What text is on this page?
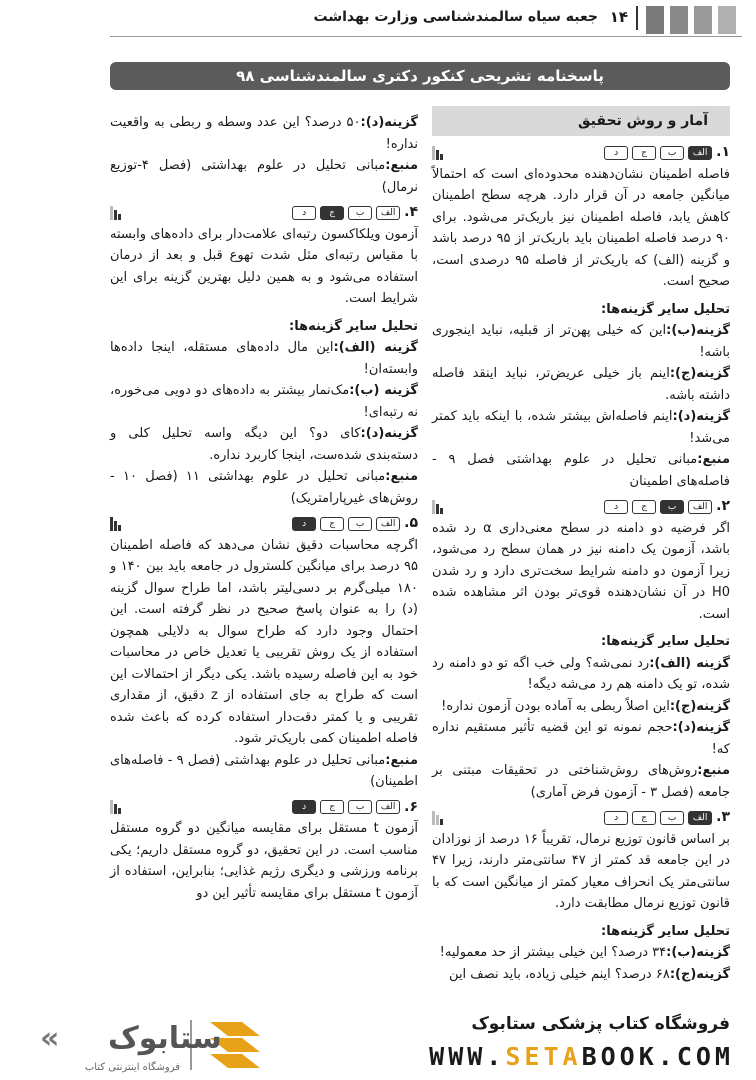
۱۴
جعبه سیاه سالمندشناسی وزارت بهداشت
پاسخنامه تشریحی کنکور دکتری سالمندشناسی ۹۸
آمار و روش تحقیق
۱.
الف
ب
ج
د

فاصله اطمینان نشان‌دهنده محدوده‌ای است که احتمالاً میانگین جامعه در آن قرار دارد. هرچه سطح اطمینان کاهش یابد، فاصله اطمینان نیز باریک‌تر می‌شود. برای ۹۰ درصد فاصله اطمینان باید باریک‌تر از ۹۵ درصد باشد و گزینه (الف) که باریک‌تر از فاصله ۹۵ درصدی است، صحیح است.

تحلیل سایر گزینه‌ها:

گزینه(ب):این که خیلی پهن‌تر از قبلیه، نباید اینجوری باشه!

گزینه(ج):اینم باز خیلی عریض‌تر، نباید اینقد فاصله داشته باشه.

گزینه(د):اینم فاصله‌اش بیشتر شده، با اینکه باید کمتر می‌شد!

منبع:مبانی تحلیل در علوم بهداشتی فصل ۹ - فاصله‌های اطمینان

۲.
الف
ب
ج
د

اگر فرضیه دو دامنه در سطح معنی‌داری α رد شده باشد، آزمون یک دامنه نیز در همان سطح رد می‌شود، زیرا آزمون دو دامنه شرایط سخت‌تری دارد و رد شدن H0 در آن نشان‌دهنده قوی‌تر بودن اثر مشاهده شده است.

تحلیل سایر گزینه‌ها:

گزینه (الف):رد نمی‌شه؟ ولی خب اگه تو دو دامنه رد شده، تو یک دامنه هم رد می‌شه دیگه!

گزینه(ج):این اصلاً ربطی به آماده بودن آزمون نداره!

گزینه(د):حجم نمونه تو این قضیه تأثیر مستقیم نداره که!

منبع:روش‌های روش‌شناختی در تحقیقات مبتنی بر جامعه (فصل ۳ - آزمون فرض آماری)

۳.
الف
ب
ج
د

بر اساس قانون توزیع نرمال، تقریباً ۱۶ درصد از نوزادان در این جامعه قد کمتر از ۴۷ سانتی‌متر دارند، زیرا ۴۷ سانتی‌متر یک انحراف معیار کمتر از میانگین است که با قانون توزیع نرمال مطابقت دارد.

تحلیل سایر گزینه‌ها:

گزینه(ب):۳۴ درصد؟ این خیلی بیشتر از حد معمولیه!

گزینه(ج):۶۸ درصد؟ اینم خیلی زیاده، باید نصف این

گزینه(د):۵۰ درصد؟ این عدد وسطه و ربطی به واقعیت نداره!

منبع:مبانی تحلیل در علوم بهداشتی (فصل ۴-توزیع نرمال)

۴.
الف
ب
ج
د

آزمون ویلکاکسون رتبه‌ای علامت‌دار برای داده‌های وابسته با مقیاس رتبه‌ای مثل شدت تهوع قبل و بعد از درمان استفاده می‌شود و به همین دلیل بهترین گزینه برای این شرایط است.

تحلیل سایر گزینه‌ها:

گزینه (الف):این مال داده‌های مستقله، اینجا داده‌ها وابسته‌ان!

گزینه (ب):مک‌نمار بیشتر به داده‌های دو دویی می‌خوره، نه رتبه‌ای!

گزینه(د):کای دو؟ این دیگه واسه تحلیل کلی و دسته‌بندی شده‌ست، اینجا کاربرد نداره.

منبع:مبانی تحلیل در علوم بهداشتی ۱۱ (فصل ۱۰ - روش‌های غیرپارامتریک)

۵.
الف
ب
ج
د

اگرچه محاسبات دقیق نشان می‌دهد که فاصله اطمینان ۹۵ درصد برای میانگین کلسترول در جامعه باید بین ۱۴۰ و ۱۸۰ میلی‌گرم بر دسی‌لیتر باشد، اما طراح سوال گزینه (د) را به عنوان پاسخ صحیح در نظر گرفته است. این احتمال وجود دارد که طراح سوال به دلایلی همچون استفاده از یک روش تقریبی یا تعدیل خاص در محاسبات خود به این فاصله رسیده باشد. یکی دیگر از احتمالات این است که طراح به جای استفاده از z دقیق، از مقداری تقریبی و یا کمتر دقت‌دار استفاده کرده که باعث شده فاصله اطمینان کمی باریک‌تر شود.

منبع:مبانی تحلیل در علوم بهداشتی (فصل ۹ - فاصله‌های اطمینان)

۶.
الف
ب
ج
د

آزمون t مستقل برای مقایسه میانگین دو گروه مستقل مناسب است. در این تحقیق، دو گروه مستقل داریم؛ یکی برنامه ورزشی و دیگری رژیم غذایی؛ بنابراین، استفاده از آزمون t مستقل برای مقایسه تأثیر این دو

ستابوک
«
فروشگاه اینترنتی کتاب
فروشگاه کتاب پزشکی ستابوک
WWW.SETABOOK.COM
